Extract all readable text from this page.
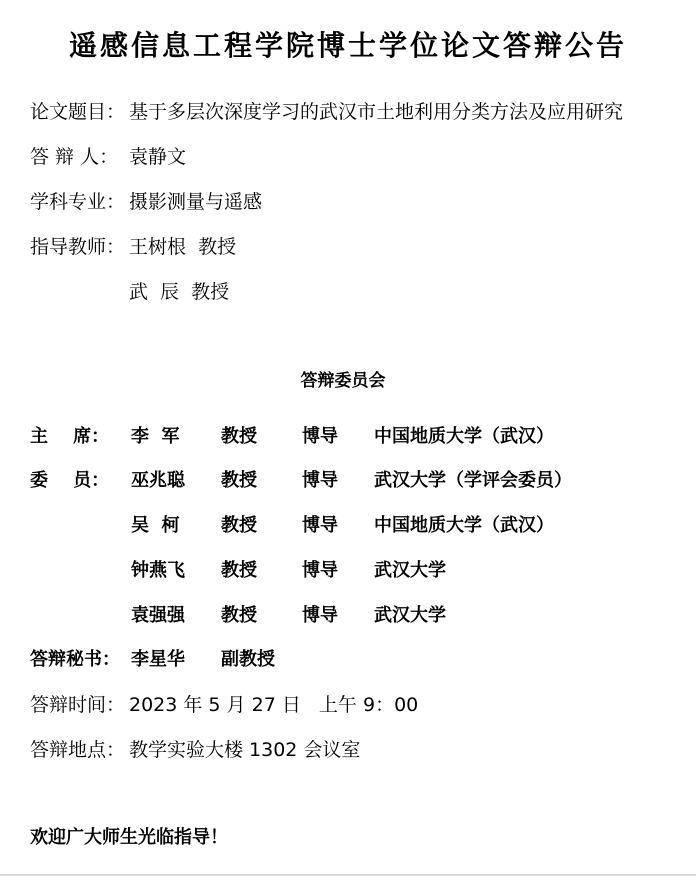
遥感信息工程学院博士学位论文答辩公告
论文题目： 基于多层次深度学习的武汉市土地利用分类方法及应用研究
答 辩 人： 袁静文
学科专业： 摄影测量与遥感
指导教师： 王树根  教授
武  辰  教授
答辩委员会
主    席： 李  军 教授	博导 中国地质大学（武汉）
委    员： 巫兆聪 教授	博导 武汉大学（学评会委员）
吴  柯 教授	博导 中国地质大学（武汉）
钟燕飞 教授	博导 武汉大学
袁强强 教授	博导 武汉大学
答辩秘书： 李星华 副教授
答辩时间： 2023 年 5 月 27 日   上午 9：00
答辩地点： 教学实验大楼 1302 会议室
欢迎广大师生光临指导！
